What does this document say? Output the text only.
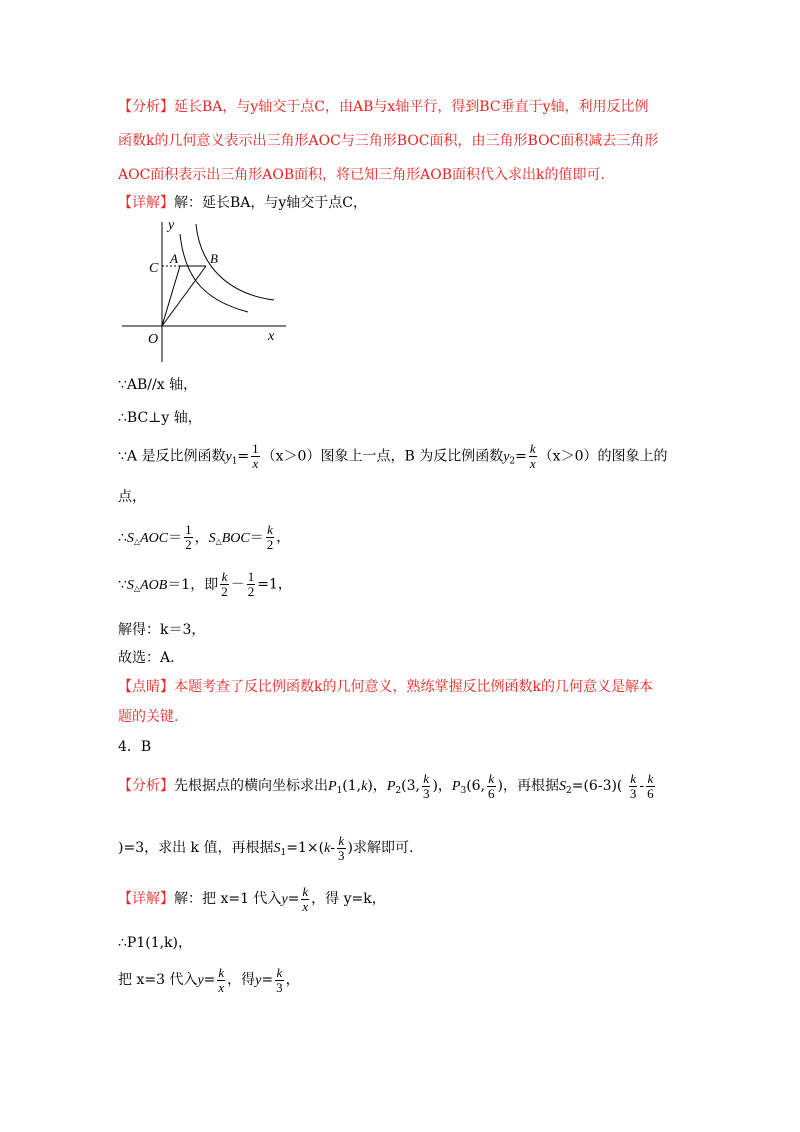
【分析】延长BA，与y轴交于点C，由AB与x轴平行，得到BC垂直于y轴，利用反比例
函数k的几何意义表示出三角形AOC与三角形BOC面积，由三角形BOC面积减去三角形
AOC面积表示出三角形AOB面积，将已知三角形AOB面积代入求出k的值即可.
【详解】解：延长BA，与y轴交于点C，
y
C
A B
O	x
∵AB//x 轴，
∴BC⊥y 轴，
∵A 是反比例函数$y_1= \frac{1}{x} (x>0)$图象上一点，B 为反比例函数$y_2= \frac{k}{x} (x>0)$的图象上的
点，
∴S△AOC＝ $\frac{1}{2}$ ，S△BOC＝ $\frac{k}{2}$ ，
∵S△AOB＝1，即 $\frac{k}{2} - \frac{1}{2} =1$，
解得：k＝3，
故选：A.
【点睛】本题考查了反比例函数k的几何意义，熟练掌握反比例函数k的几何意义是解本
题的关键.
4．B
【分析】先根据点的横向坐标求出$P_1(1,k)$，$P_2(3$, $\frac{k}{3}$ )，$P_3(6$, $\frac{k}{6}$ )，再根据$S_2=(6-3)( \frac{k}{3} - \frac{k}{6}$
)=3，求出 k 值，再根据$S_1=1\times(k- \frac{k}{3}$ )求解即可.
【详解】解：把 x=1 代入$y= \frac{k}{x}$ ，得 y=k，
∴P1(1,k)，
把 x=3 代入$y= \frac{k}{x}$ ，得$y= \frac{k}{3}$ ，
